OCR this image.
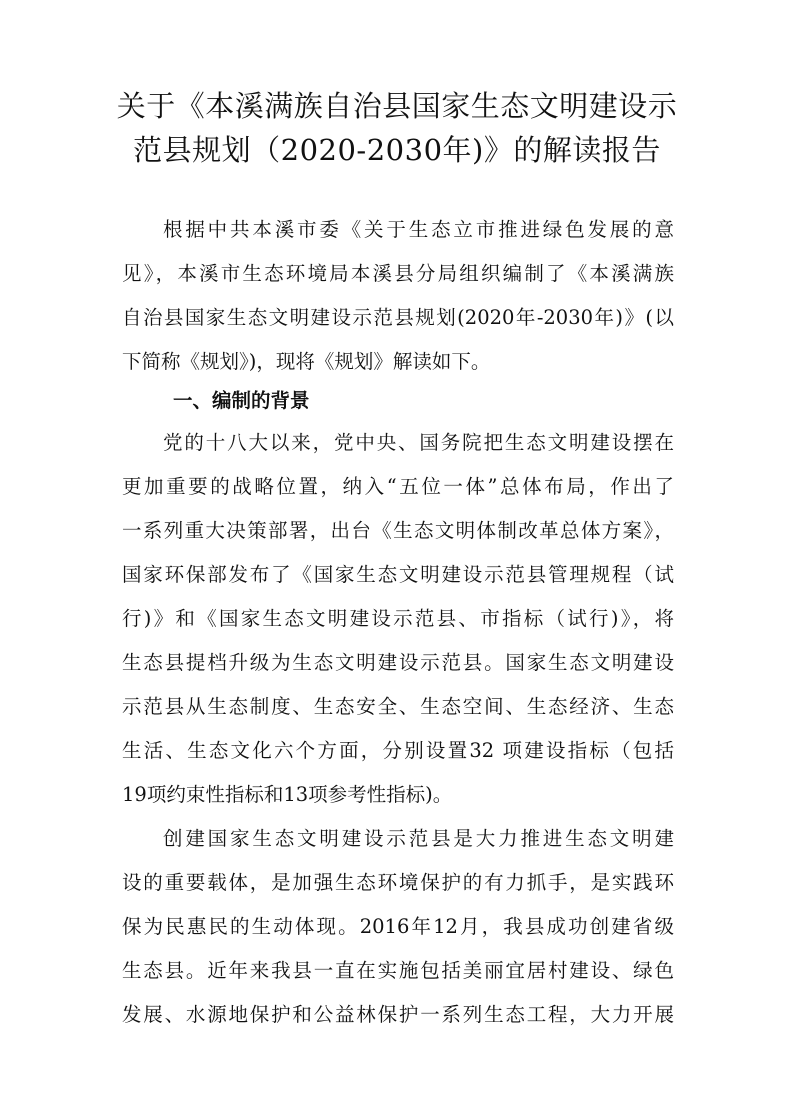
关于《本溪满族自治县国家生态文明建设示
范县规划（2020-2030年)》的解读报告
根据中共本溪市委《关于生态立市推进绿色发展的意
见》，本溪市生态环境局本溪县分局组织编制了《本溪满族
自治县国家生态文明建设示范县规划(2020年-2030年)》(以
下简称《规划》)，现将《规划》解读如下。
一、编制的背景
党的十八大以来，党中央、国务院把生态文明建设摆在
更加重要的战略位置，纳入“五位一体”总体布局，作出了
一系列重大决策部署，出台《生态文明体制改革总体方案》，
国家环保部发布了《国家生态文明建设示范县管理规程（试
行)》和《国家生态文明建设示范县、市指标（试行)》，将
生态县提档升级为生态文明建设示范县。国家生态文明建设
示范县从生态制度、生态安全、生态空间、生态经济、生态
生活、生态文化六个方面，分别设置32 项建设指标（包括
19项约束性指标和13项参考性指标)。
创建国家生态文明建设示范县是大力推进生态文明建
设的重要载体，是加强生态环境保护的有力抓手，是实践环
保为民惠民的生动体现。2016年12月，我县成功创建省级
生态县。近年来我县一直在实施包括美丽宜居村建设、绿色
发展、水源地保护和公益林保护一系列生态工程，大力开展
